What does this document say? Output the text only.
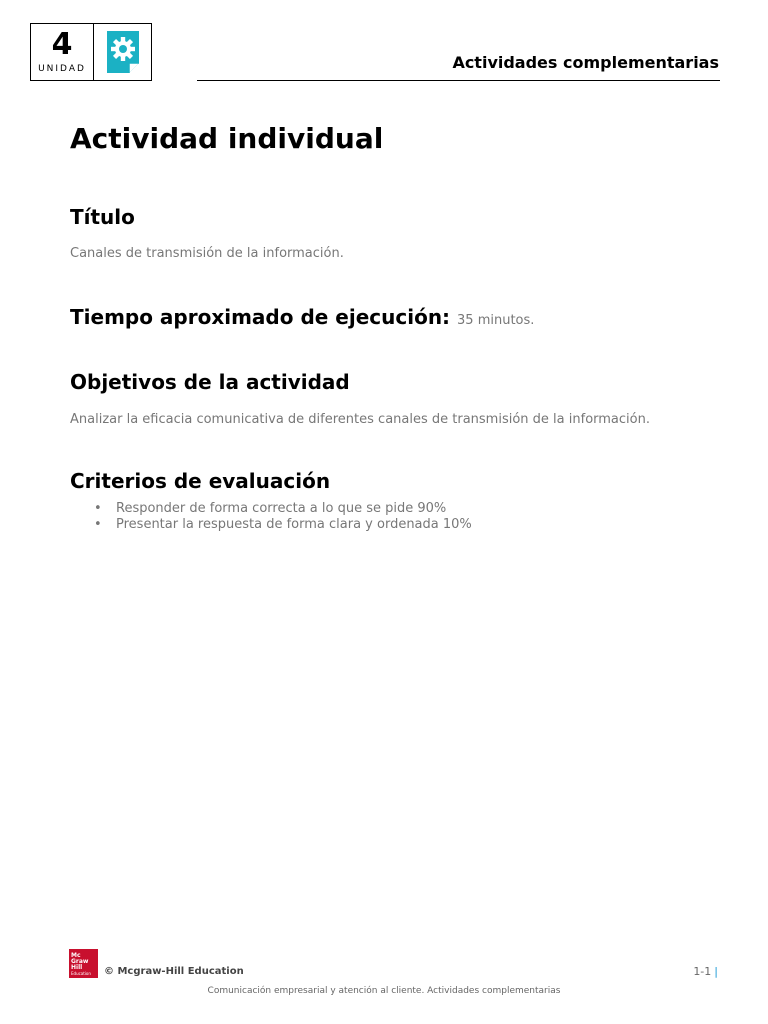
4
UNIDAD	Actividades complementarias
Actividad individual
Título
Canales de transmisión de la información.
Tiempo aproximado de ejecución: 35 minutos.
Objetivos de la actividad
Analizar la eficacia comunicativa de diferentes canales de transmisión de la información.
Criterios de evaluación
• Responder de forma correcta a lo que se pide 90%
• Presentar la respuesta de forma clara y ordenada 10%
Mc
Graw
Hill
Education © Mcgraw-Hill Education	1-1 |
Comunicación empresarial y atención al cliente. Actividades complementarias
